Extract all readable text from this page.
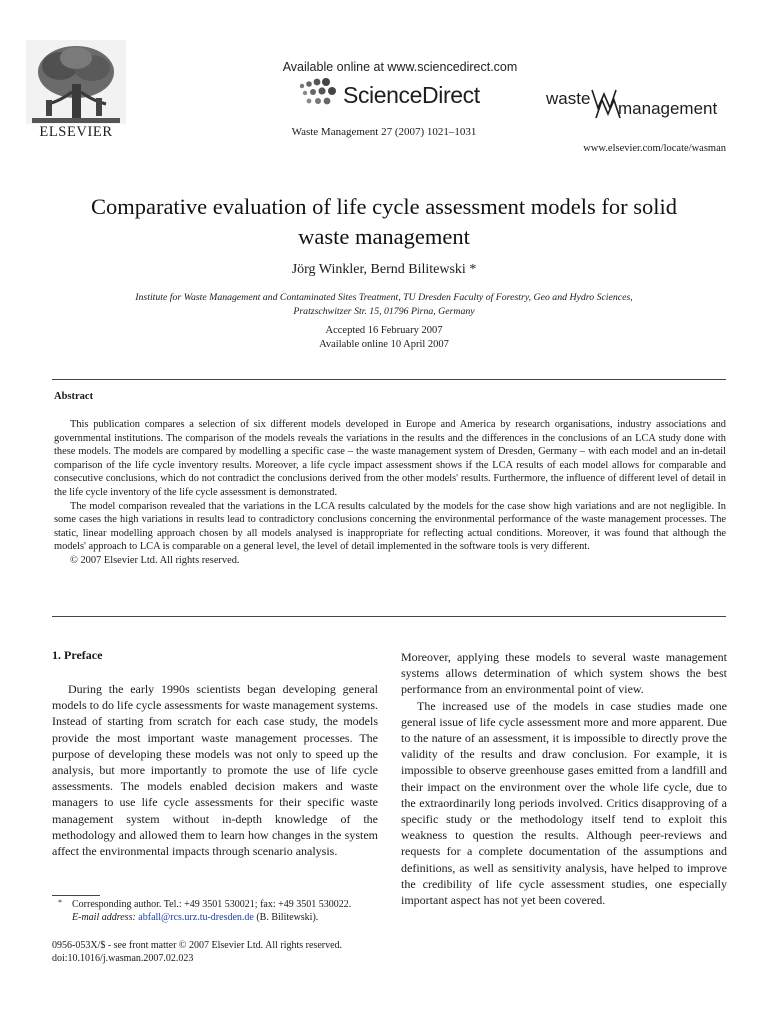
ELSEVIER
Available online at www.sciencedirect.com
ScienceDirect
Waste Management 27 (2007) 1021–1031
waste
management
www.elsevier.com/locate/wasman
Comparative evaluation of life cycle assessment models for solid
waste management
Jörg Winkler, Bernd Bilitewski *
Institute for Waste Management and Contaminated Sites Treatment, TU Dresden Faculty of Forestry, Geo and Hydro Sciences,
Pratzschwitzer Str. 15, 01796 Pirna, Germany
Accepted 16 February 2007
Available online 10 April 2007
Abstract

This publication compares a selection of six different models developed in Europe and America by research organisations, industry associations and governmental institutions. The comparison of the models reveals the variations in the results and the differences in the conclusions of an LCA study done with these models. The models are compared by modelling a specific case – the waste management system of Dresden, Germany – with each model and an in-detail comparison of the life cycle inventory results. Moreover, a life cycle impact assessment shows if the LCA results of each model allows for comparable and consecutive conclusions, which do not contradict the conclusions derived from the other models' results. Furthermore, the influence of different level of detail in the life cycle inventory of the life cycle assessment is demonstrated.

The model comparison revealed that the variations in the LCA results calculated by the models for the case show high variations and are not negligible. In some cases the high variations in results lead to contradictory conclusions concerning the environmental performance of the waste management processes. The static, linear modelling approach chosen by all models analysed is inappropriate for reflecting actual conditions. Moreover, it was found that although the models' approach to LCA is comparable on a general level, the level of detail implemented in the software tools is very different.

© 2007 Elsevier Ltd. All rights reserved.

1. Preface

During the early 1990s scientists began developing general models to do life cycle assessments for waste management systems. Instead of starting from scratch for each case study, the models provide the most important waste management processes. The purpose of developing these models was not only to speed up the analysis, but more importantly to promote the use of life cycle assessments. The models enabled decision makers and waste managers to use life cycle assessments for their specific waste management system without in-depth knowledge of the methodology and allowed them to learn how changes in the system affect the environmental impacts through scenario analysis.

Moreover, applying these models to several waste management systems allows determination of which system shows the best performance from an environmental point of view.

The increased use of the models in case studies made one general issue of life cycle assessment more and more apparent. Due to the nature of an assessment, it is impossible to directly prove the validity of the results and draw conclusion. For example, it is impossible to observe greenhouse gases emitted from a landfill and their impact on the environment over the whole life cycle, due to the extraordinarily long periods involved. Critics disapproving of a specific study or the methodology itself tend to exploit this weakness to question the results. Although peer-reviews and requests for a complete documentation of the assumptions and definitions, as well as sensitivity analysis, have helped to improve the credibility of life cycle assessment studies, one especially important aspect has not yet been covered.

* Corresponding author. Tel.: +49 3501 530021; fax: +49 3501 530022.
E-mail address: abfall@rcs.urz.tu-dresden.de (B. Bilitewski).
0956-053X/$ - see front matter © 2007 Elsevier Ltd. All rights reserved.
doi:10.1016/j.wasman.2007.02.023
